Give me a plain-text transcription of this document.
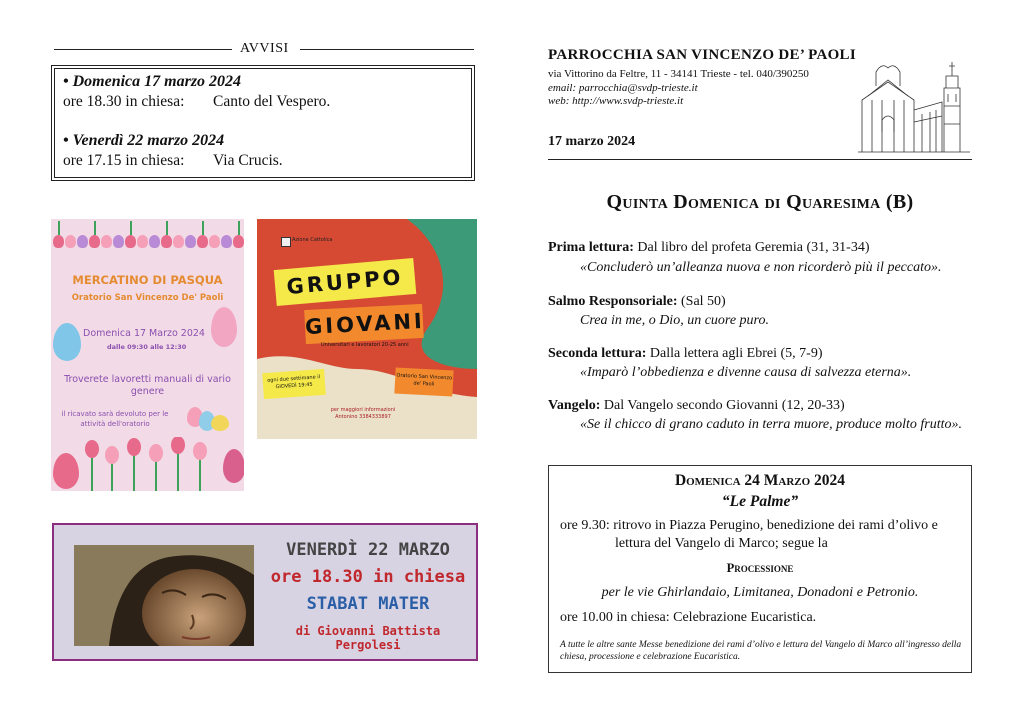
AVVISI
• Domenica 17 marzo 2024
ore 18.30 in chiesa: Canto del Vespero.
• Venerdì 22 marzo 2024
ore 17.15 in chiesa: Via Crucis.
MERCATINO DI PASQUA
Oratorio San Vincenzo De' Paoli
Domenica 17 Marzo 2024
dalle 09:30 alle 12:30
Troverete lavoretti manuali di vario genere
il ricavato sarà devoluto per le attività dell'oratorio
Azione Cattolica
GRUPPO
GIOVANI
Universitari e lavoratori 20-25 anni
ogni due settimane il GIOVEDÌ 19:45
Oratorio San Vincenzo de' Paoli
per maggiori informazioni Antonino 3384333897
VENERDÌ 22 MARZO
ore 18.30 in chiesa
STABAT MATER
di Giovanni Battista Pergolesi
PARROCCHIA SAN VINCENZO DE’ PAOLI
via Vittorino da Feltre, 11 - 34141 Trieste - tel. 040/390250
email: parrocchia@svdp-trieste.it
web: http://www.svdp-trieste.it
17 marzo 2024
Quinta Domenica di Quaresima (B)
Prima lettura: Dal libro del profeta Geremia (31, 31-34)
«Concluderò un’alleanza nuova e non ricorderò più il peccato».
Salmo Responsoriale: (Sal 50)
Crea in me, o Dio, un cuore puro.
Seconda lettura: Dalla lettera agli Ebrei (5, 7-9)
«Imparò l’obbedienza e divenne causa di salvezza eterna».
Vangelo: Dal Vangelo secondo Giovanni (12, 20-33)
«Se il chicco di grano caduto in terra muore, produce molto frutto».
Domenica 24 Marzo 2024
“Le Palme”
ore 9.30: ritrovo in Piazza Perugino, benedizione dei rami d’olivo e
lettura del Vangelo di Marco; segue la
Processione
per le vie Ghirlandaio, Limitanea, Donadoni e Petronio.
ore 10.00 in chiesa: Celebrazione Eucaristica.
A tutte le altre sante Messe benedizione dei rami d’olivo e lettura del Vangelo di Marco all’ingresso della chiesa, processione e celebrazione Eucaristica.
